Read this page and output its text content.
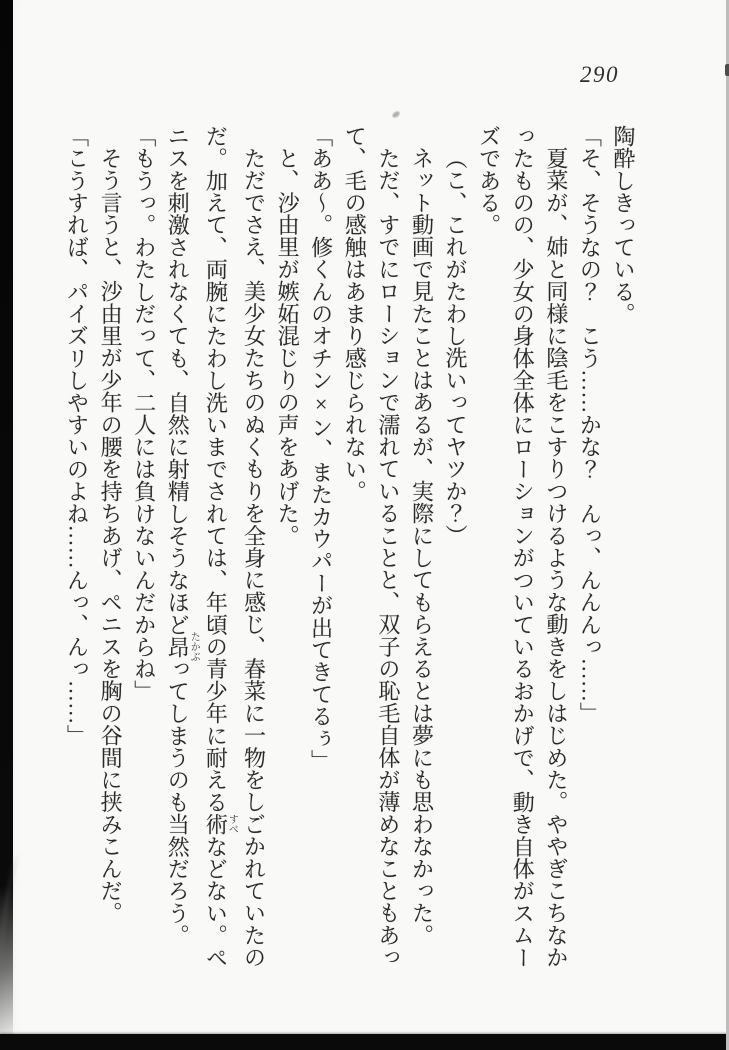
290
陶酔しきっている。
「そ、そうなの？　こう……かな？　んっ、んんんっ……」
夏菜が、姉と同様に陰毛をこすりつけるような動きをしはじめた。ややぎこちなか
ったものの、少女の身体全体にローションがついているおかげで、動き自体がスムー
ズである。
（こ、これがたわし洗いってヤツか？）
ネット動画で見たことはあるが、実際にしてもらえるとは夢にも思わなかった。
ただ、すでにローションで濡れていることと、双子の恥毛自体が薄めなこともあっ
て、毛の感触はあまり感じられない。
「ああ～。修くんのオチン×ン、またカウパーが出てきてるぅ」
と、沙由里が嫉妬混じりの声をあげた。
ただでさえ、美少女たちのぬくもりを全身に感じ、春菜に一物をしごかれていたの
だ。加えて、両腕にたわし洗いまでされては、年頃の青少年に耐える術すべなどない。ペ
ニスを刺激されなくても、自然に射精しそうなほど昂たかぶってしまうのも当然だろう。
「もうっ。わたしだって、二人には負けないんだからね」
そう言うと、沙由里が少年の腰を持ちあげ、ペニスを胸の谷間に挟みこんだ。
「こうすれば、パイズリしやすいのよね……んっ、んっ……」
